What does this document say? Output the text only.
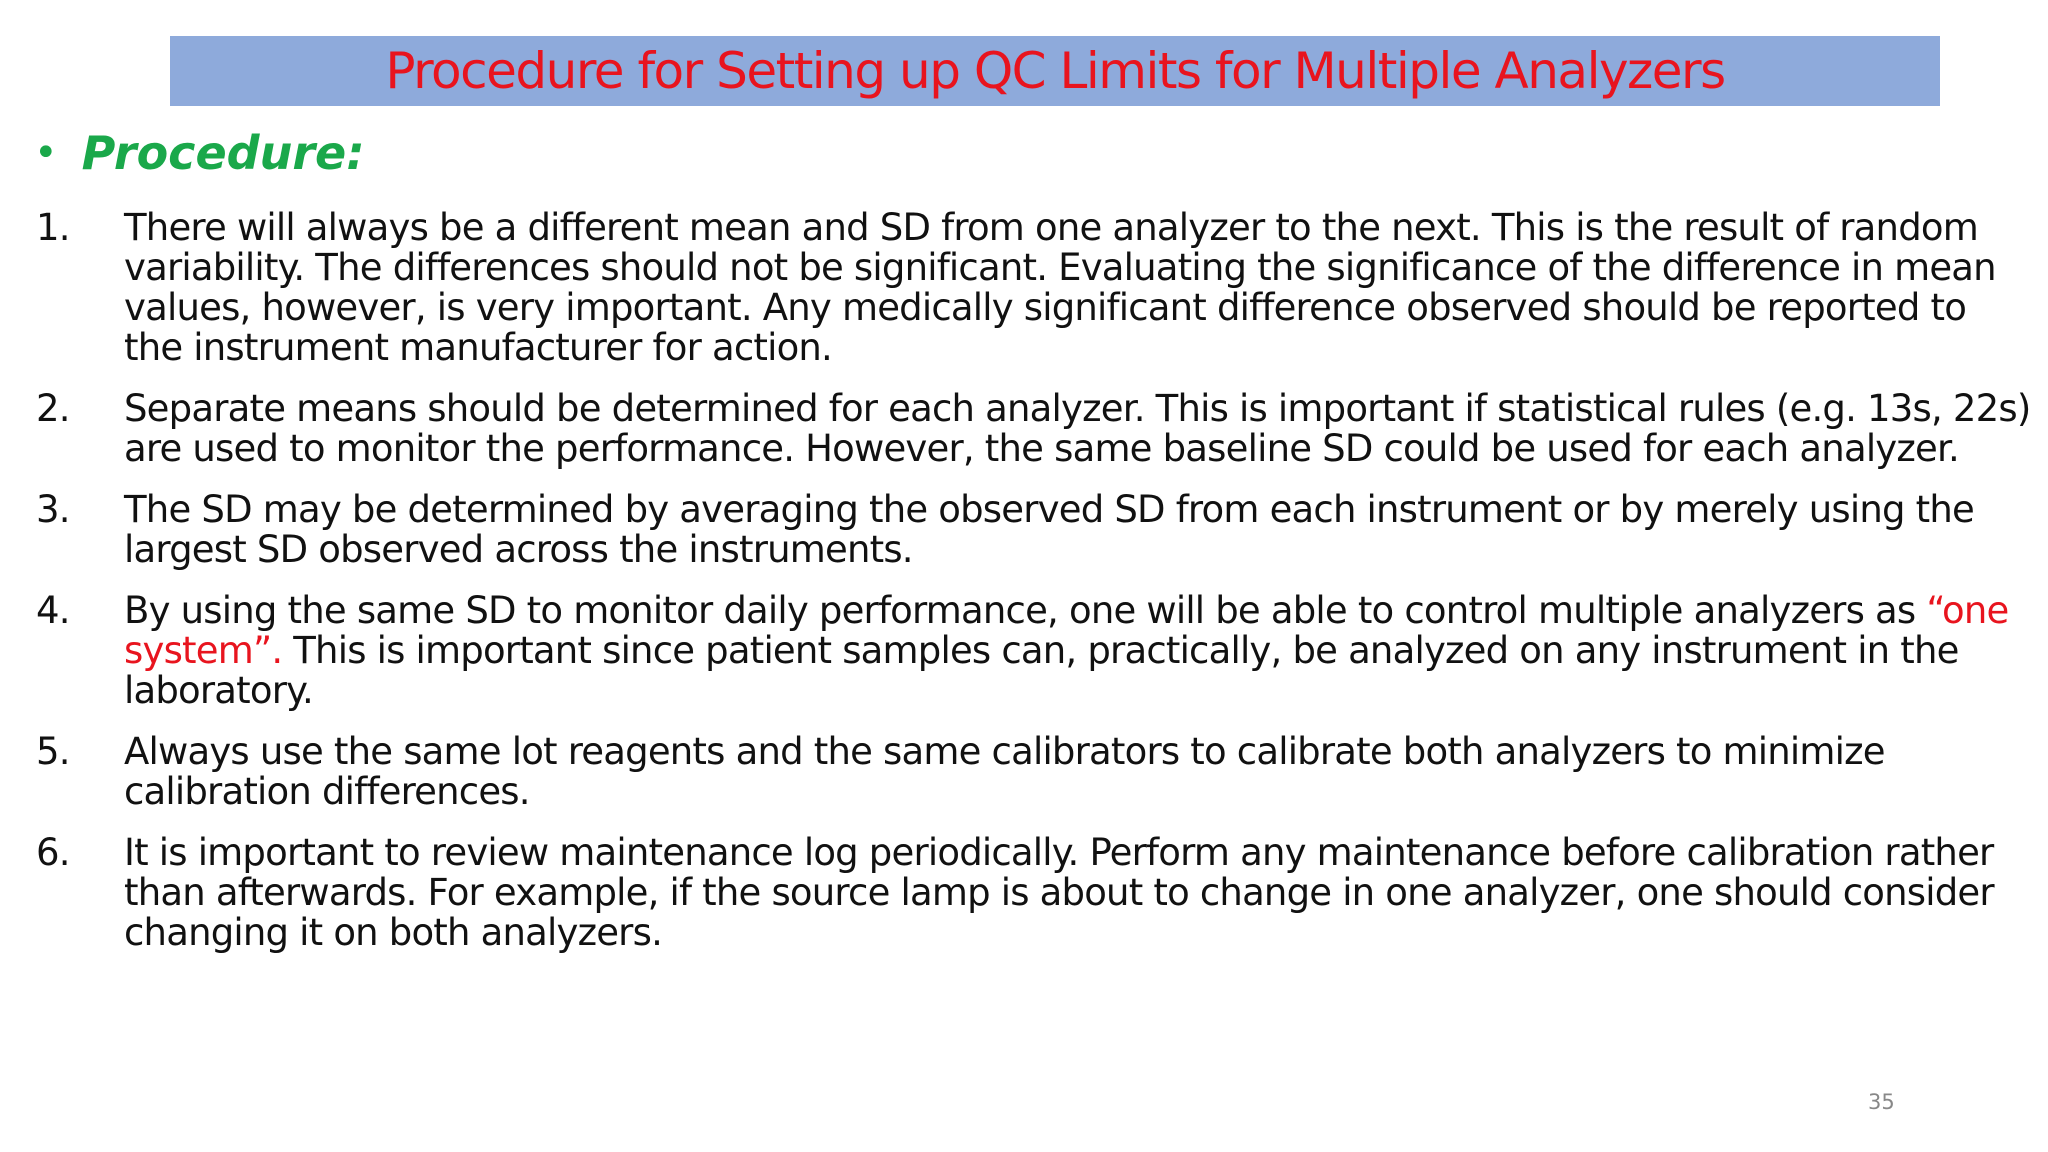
Procedure for Setting up QC Limits for Multiple Analyzers
• Procedure:
1.	There will always be a different mean and SD from one analyzer to the next. This is the result of random variability. The differences should not be significant. Evaluating the significance of the difference in mean values, however, is very important. Any medically significant difference observed should be reported to the instrument manufacturer for action.
2.	Separate means should be determined for each analyzer. This is important if statistical rules (e.g. 13s, 22s) are used to monitor the performance. However, the same baseline SD could be used for each analyzer.
3.	The SD may be determined by averaging the observed SD from each instrument or by merely using the largest SD observed across the instruments.
4.	By using the same SD to monitor daily performance, one will be able to control multiple analyzers as “one system”. This is important since patient samples can, practically, be analyzed on any instrument in the laboratory.
5.	Always use the same lot reagents and the same calibrators to calibrate both analyzers to minimize calibration differences.
6.	It is important to review maintenance log periodically. Perform any maintenance before calibration rather than afterwards. For example, if the source lamp is about to change in one analyzer, one should consider changing it on both analyzers.
35
